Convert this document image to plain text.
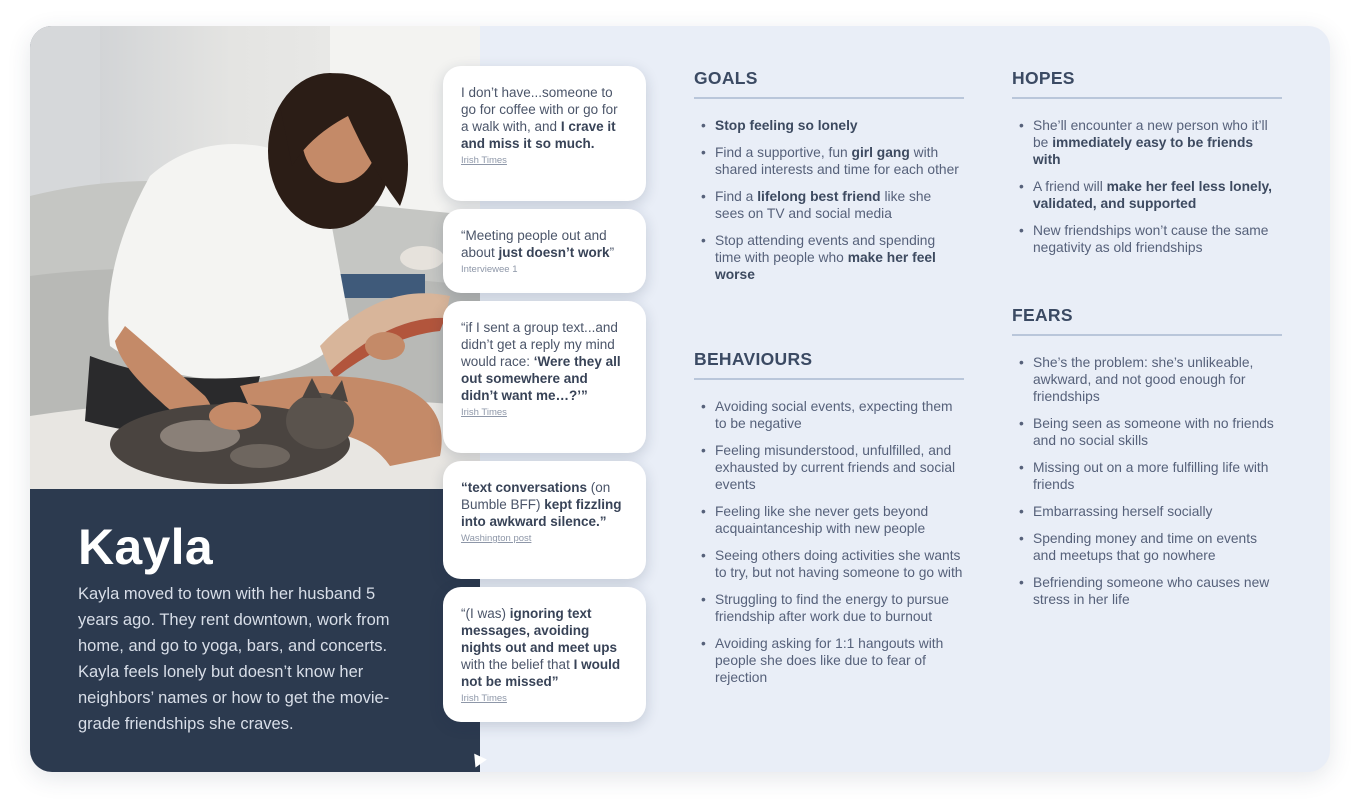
Kayla
Kayla moved to town with her husband 5 years ago. They rent downtown, work from home, and go to yoga, bars, and concerts. Kayla feels lonely but doesn’t know her neighbors’ names or how to get the movie-grade friendships she craves.
I don’t have...someone to go for coffee with or go for a walk with, and I crave it and miss it so much.
Irish Times
“Meeting people out and about just doesn’t work”
Interviewee 1
“if I sent a group text...and didn’t get a reply my mind would race: ‘Were they all out somewhere and didn’t want me…?’”
Irish Times
“text conversations (on Bumble BFF) kept fizzling into awkward silence.”
Washington post
“(I was) ignoring text messages, avoiding nights out and meet ups with the belief that I would not be missed”
Irish Times
GOALS
• Stop feeling so lonely
• Find a supportive, fun girl gang with shared interests and time for each other
• Find a lifelong best friend like she sees on TV and social media
• Stop attending events and spending time with people who make her feel worse
BEHAVIOURS
• Avoiding social events, expecting them to be negative
• Feeling misunderstood, unfulfilled, and exhausted by current friends and social events
• Feeling like she never gets beyond acquaintanceship with new people
• Seeing others doing activities she wants to try, but not having someone to go with
• Struggling to find the energy to pursue friendship after work due to burnout
• Avoiding asking for 1:1 hangouts with people she does like due to fear of rejection
HOPES
• She’ll encounter a new person who it’ll be immediately easy to be friends with
• A friend will make her feel less lonely, validated, and supported
• New friendships won’t cause the same negativity as old friendships
FEARS
• She’s the problem: she’s unlikeable, awkward, and not good enough for friendships
• Being seen as someone with no friends and no social skills
• Missing out on a more fulfilling life with friends
• Embarrassing herself socially
• Spending money and time on events and meetups that go nowhere
• Befriending someone who causes new stress in her life
